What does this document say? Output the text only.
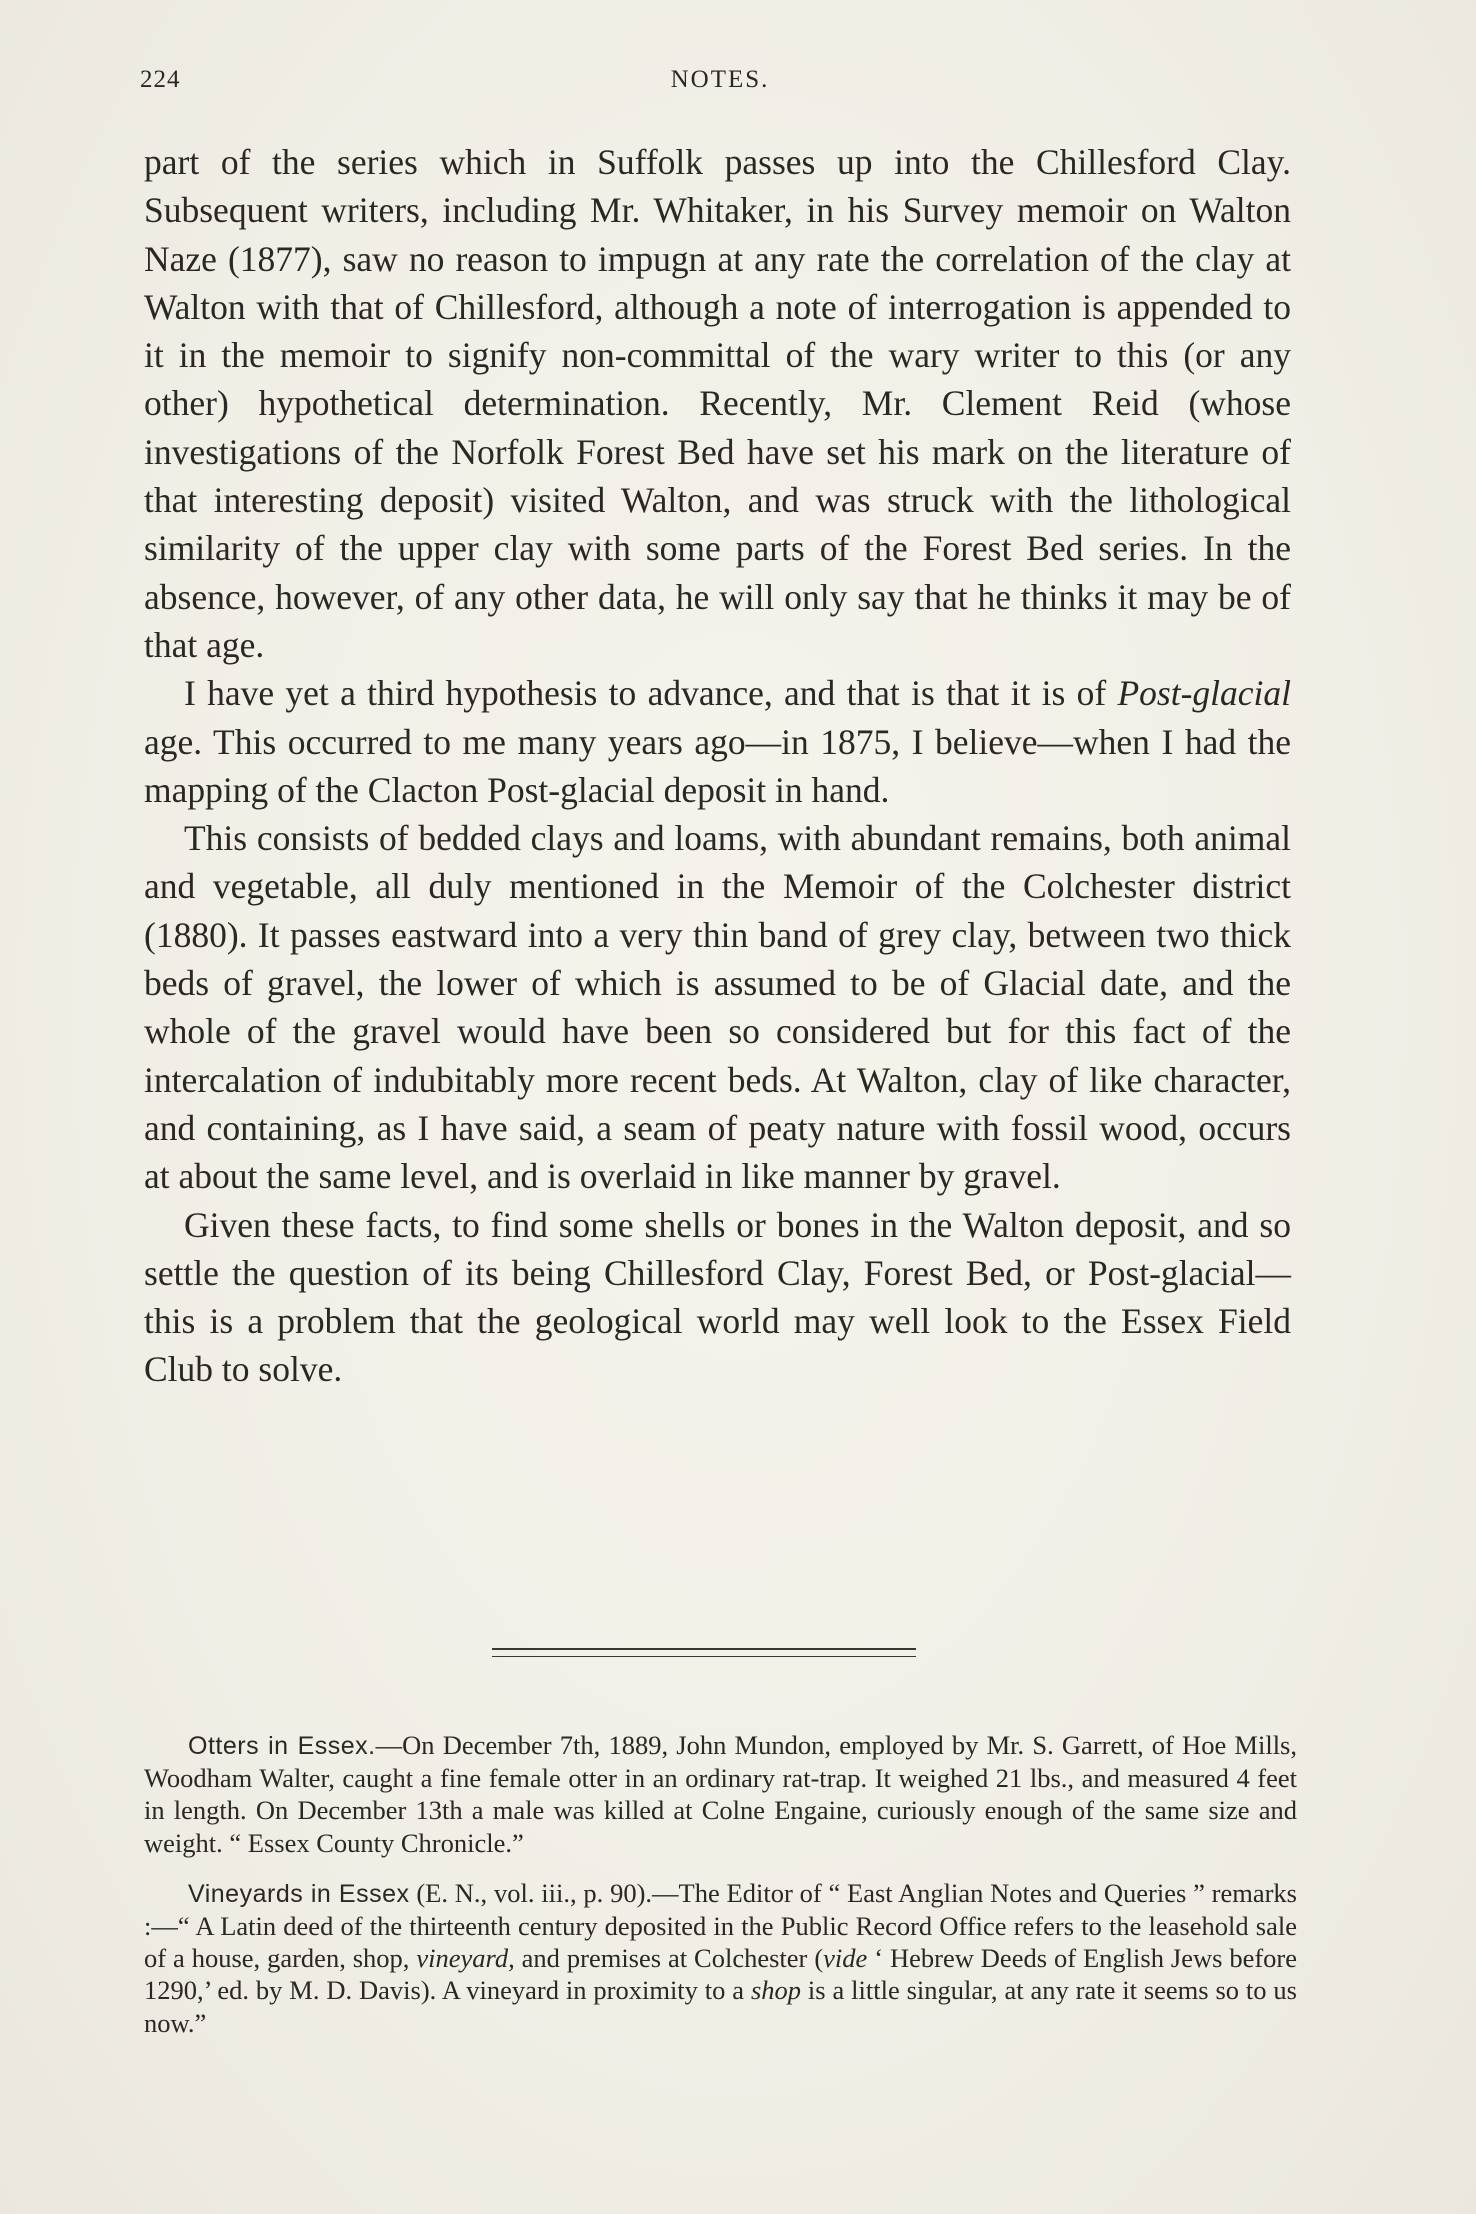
224	NOTES.

part of the series which in Suffolk passes up into the Chillesford Clay. Subsequent writers, including Mr. Whitaker, in his Survey memoir on Walton Naze (1877), saw no reason to impugn at any rate the correlation of the clay at Walton with that of Chillesford, although a note of interrogation is appended to it in the memoir to signify non-committal of the wary writer to this (or any other) hypothetical determination. Recently, Mr. Clement Reid (whose investigations of the Norfolk Forest Bed have set his mark on the literature of that interesting deposit) visited Walton, and was struck with the lithological similarity of the upper clay with some parts of the Forest Bed series. In the absence, however, of any other data, he will only say that he thinks it may be of that age.

I have yet a third hypothesis to advance, and that is that it is of Post-glacial age. This occurred to me many years ago—in 1875, I believe—when I had the mapping of the Clacton Post-glacial deposit in hand.

This consists of bedded clays and loams, with abundant remains, both animal and vegetable, all duly mentioned in the Memoir of the Colchester district (1880). It passes eastward into a very thin band of grey clay, between two thick beds of gravel, the lower of which is assumed to be of Glacial date, and the whole of the gravel would have been so considered but for this fact of the intercalation of indubitably more recent beds. At Walton, clay of like character, and containing, as I have said, a seam of peaty nature with fossil wood, occurs at about the same level, and is overlaid in like manner by gravel.

Given these facts, to find some shells or bones in the Walton deposit, and so settle the question of its being Chillesford Clay, Forest Bed, or Post-glacial—this is a problem that the geological world may well look to the Essex Field Club to solve.

Otters in Essex.—On December 7th, 1889, John Mundon, employed by Mr. S. Garrett, of Hoe Mills, Woodham Walter, caught a fine female otter in an ordinary rat-trap. It weighed 21 lbs., and measured 4 feet in length. On December 13th a male was killed at Colne Engaine, curiously enough of the same size and weight. “ Essex County Chronicle.”

Vineyards in Essex (E. N., vol. iii., p. 90).—The Editor of “ East Anglian Notes and Queries ” remarks :—“ A Latin deed of the thirteenth century deposited in the Public Record Office refers to the leasehold sale of a house, garden, shop, vineyard, and premises at Colchester (vide ‘ Hebrew Deeds of English Jews before 1290,’ ed. by M. D. Davis). A vineyard in proximity to a shop is a little singular, at any rate it seems so to us now.”
